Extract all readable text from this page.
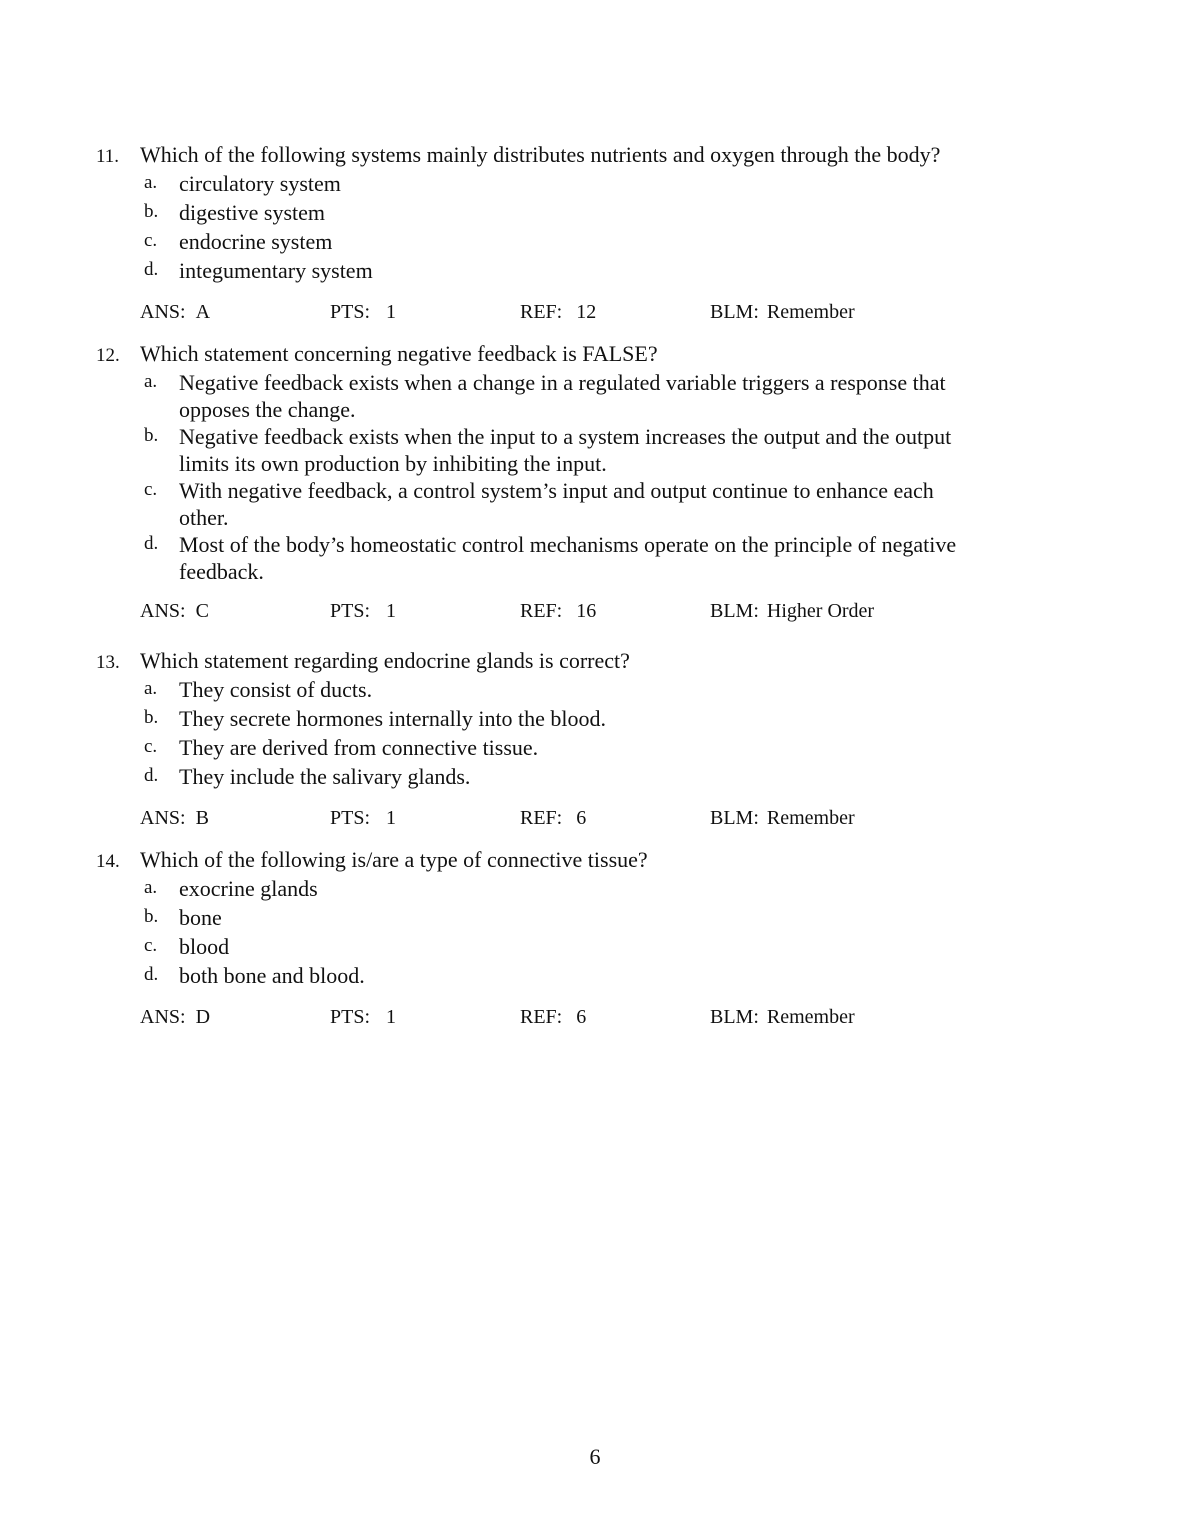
11. Which of the following systems mainly distributes nutrients and oxygen through the body?
a. circulatory system
b. digestive system
c. endocrine system
d. integumentary system
ANS: A	PTS: 1	REF: 12	BLM: Remember
12. Which statement concerning negative feedback is FALSE?
a. Negative feedback exists when a change in a regulated variable triggers a response that opposes the change.
b. Negative feedback exists when the input to a system increases the output and the output limits its own production by inhibiting the input.
c. With negative feedback, a control system’s input and output continue to enhance each other.
d. Most of the body’s homeostatic control mechanisms operate on the principle of negative feedback.
ANS: C	PTS: 1	REF: 16	BLM: Higher Order
13. Which statement regarding endocrine glands is correct?
a. They consist of ducts.
b. They secrete hormones internally into the blood.
c. They are derived from connective tissue.
d. They include the salivary glands.
ANS: B	PTS: 1	REF: 6	BLM: Remember
14. Which of the following is/are a type of connective tissue?
a. exocrine glands
b. bone
c. blood
d. both bone and blood.
ANS: D	PTS: 1	REF: 6	BLM: Remember
6
